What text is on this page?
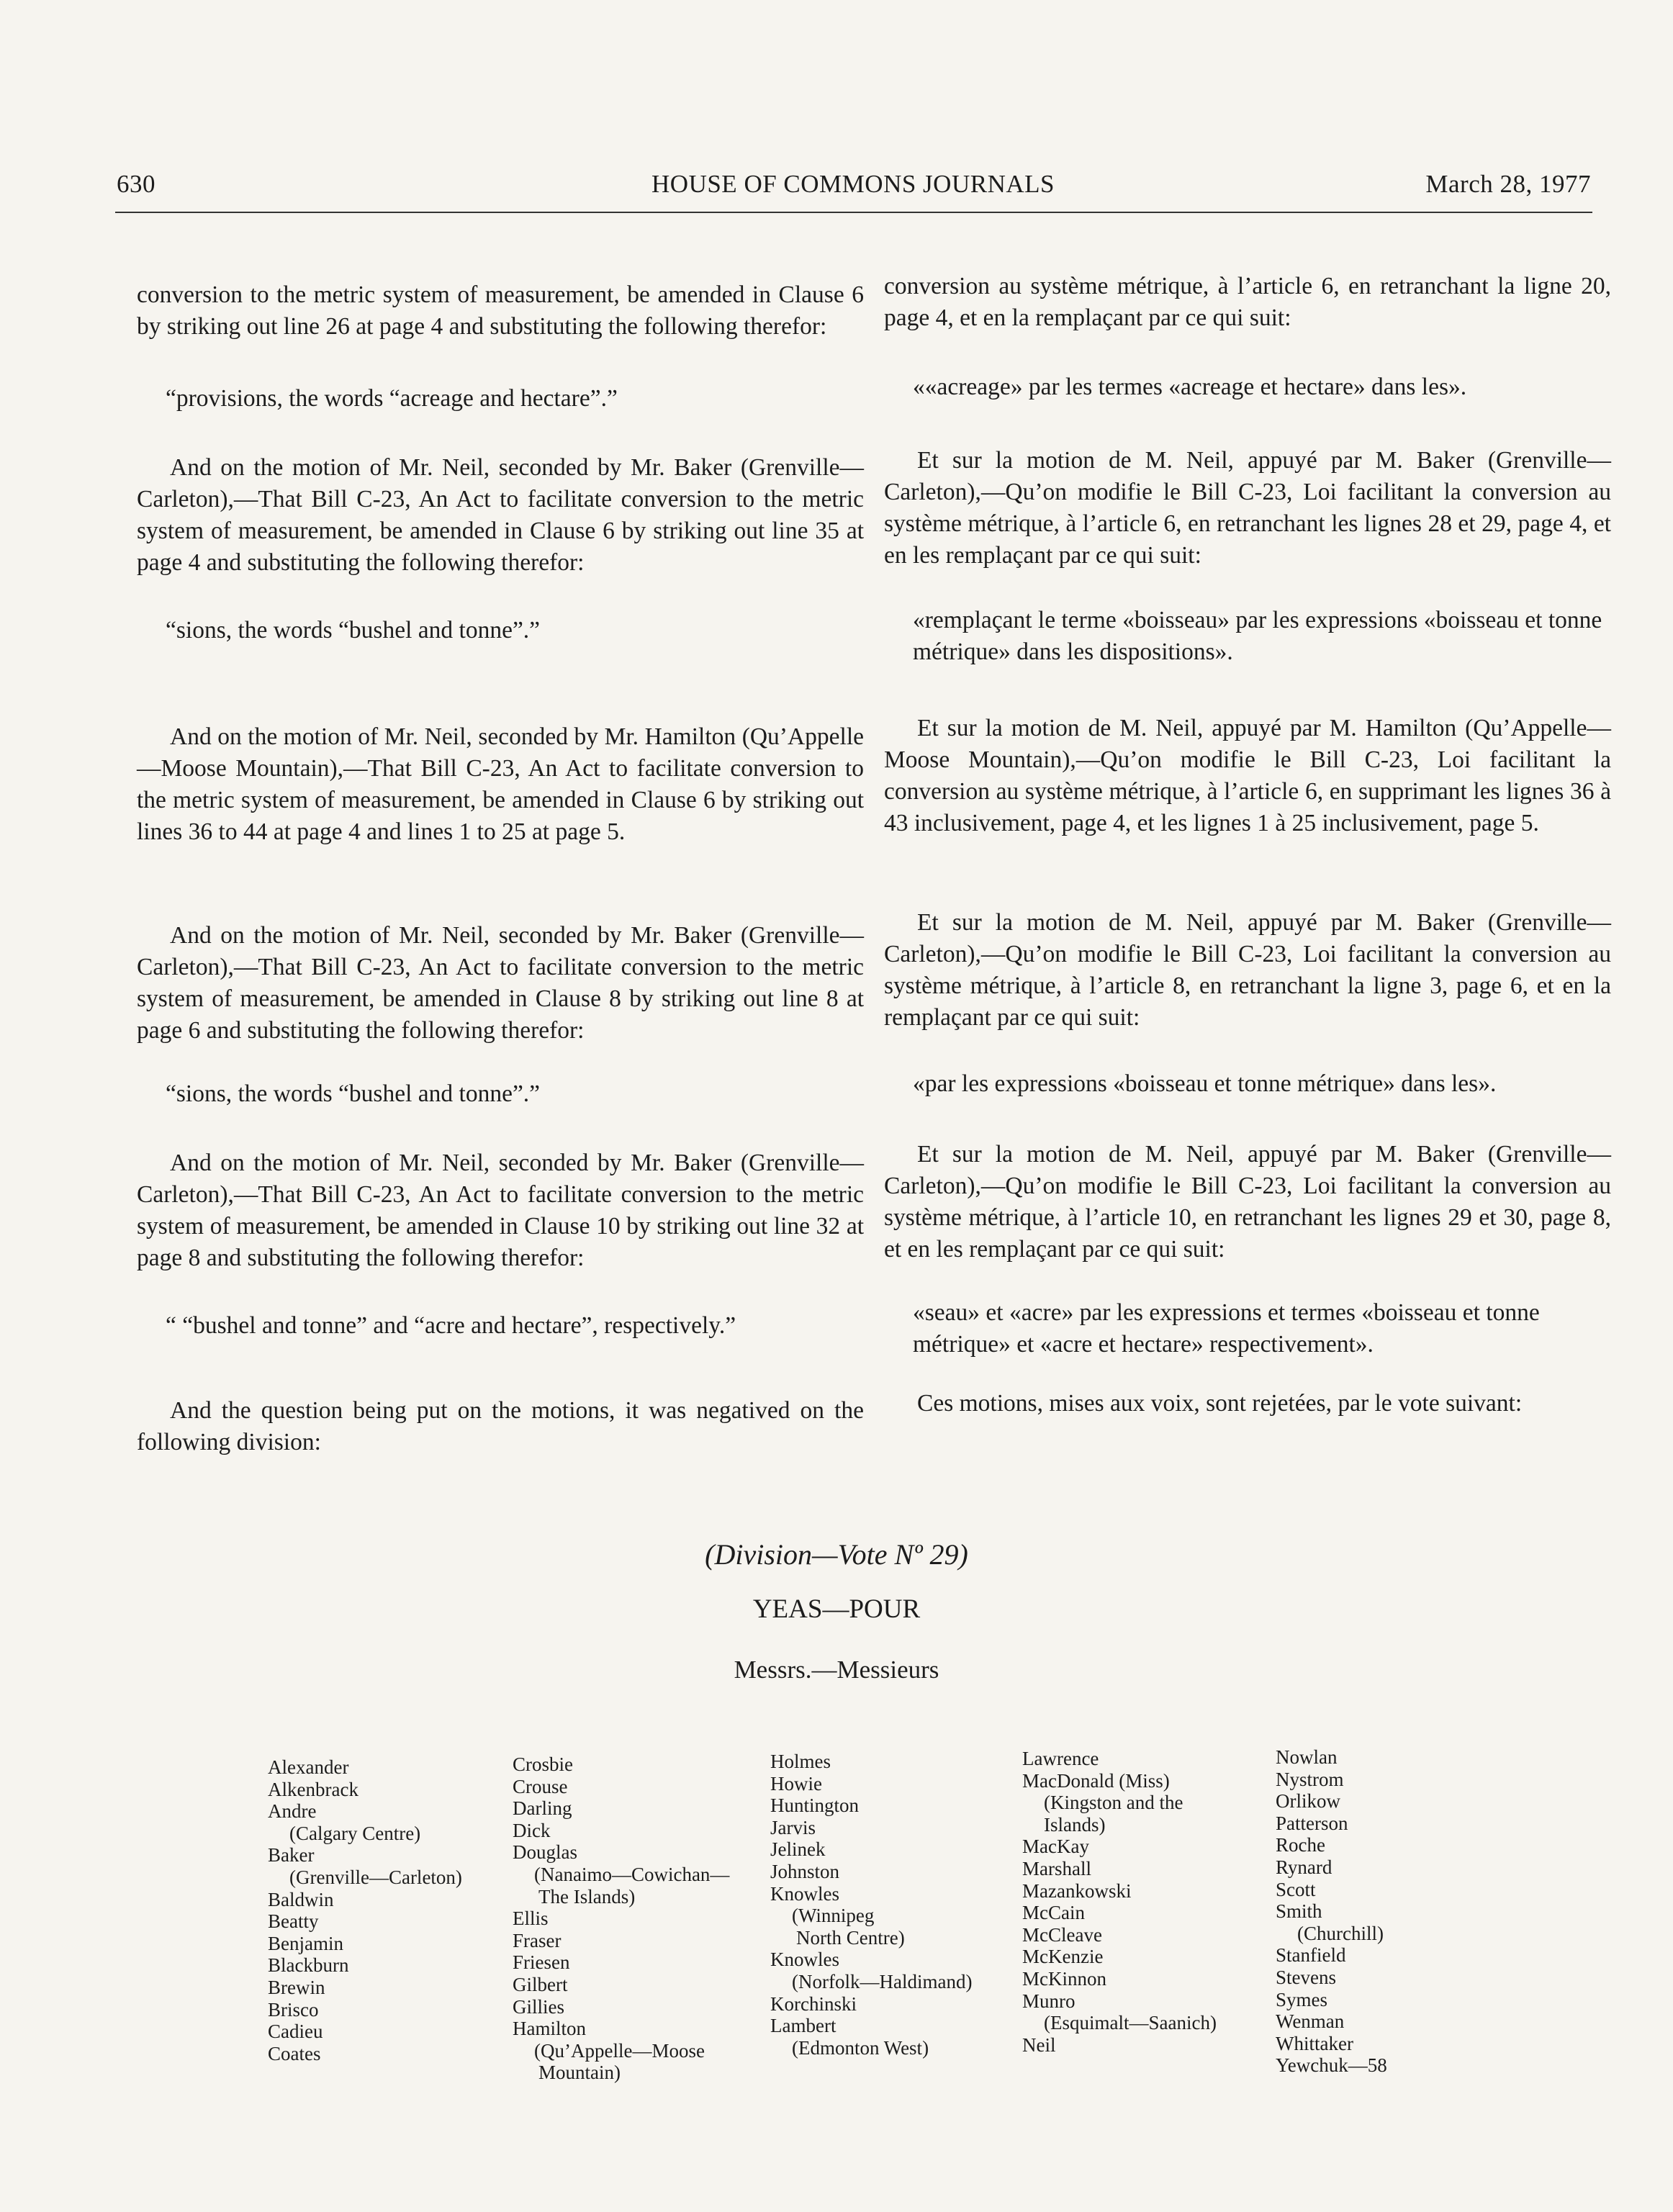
HOUSE OF COMMONS JOURNALS
630	March 28, 1977

conversion to the metric system of measurement, be amended in Clause 6 by striking out line 26 at page 4 and substituting the following therefor:

“provisions, the words “acreage and hectare”.”

And on the motion of Mr. Neil, seconded by Mr. Baker (Grenville—Carleton),—That Bill C-23, An Act to facilitate conversion to the metric system of measurement, be amended in Clause 6 by striking out line 35 at page 4 and substituting the following therefor:

“sions, the words “bushel and tonne”.”

And on the motion of Mr. Neil, seconded by Mr. Hamilton (Qu’Appelle—Moose Mountain),—That Bill C-23, An Act to facilitate conversion to the metric system of measurement, be amended in Clause 6 by striking out lines 36 to 44 at page 4 and lines 1 to 25 at page 5.

And on the motion of Mr. Neil, seconded by Mr. Baker (Grenville—Carleton),—That Bill C-23, An Act to facilitate conversion to the metric system of measurement, be amended in Clause 8 by striking out line 8 at page 6 and substituting the following therefor:

“sions, the words “bushel and tonne”.”

And on the motion of Mr. Neil, seconded by Mr. Baker (Grenville—Carleton),—That Bill C-23, An Act to facilitate conversion to the metric system of measurement, be amended in Clause 10 by striking out line 32 at page 8 and substituting the following therefor:

“ “bushel and tonne” and “acre and hectare”, respectively.”

And the question being put on the motions, it was negatived on the following division:

conversion au système métrique, à l’article 6, en retranchant la ligne 20, page 4, et en la remplaçant par ce qui suit:

««acreage» par les termes «acreage et hectare» dans les».

Et sur la motion de M. Neil, appuyé par M. Baker (Grenville—Carleton),—Qu’on modifie le Bill C-23, Loi facilitant la conversion au système métrique, à l’article 6, en retranchant les lignes 28 et 29, page 4, et en les remplaçant par ce qui suit:

«remplaçant le terme «boisseau» par les expressions «boisseau et tonne métrique» dans les dispositions».

Et sur la motion de M. Neil, appuyé par M. Hamilton (Qu’Appelle—Moose Mountain),—Qu’on modifie le Bill C-23, Loi facilitant la conversion au système métrique, à l’article 6, en supprimant les lignes 36 à 43 inclusivement, page 4, et les lignes 1 à 25 inclusivement, page 5.

Et sur la motion de M. Neil, appuyé par M. Baker (Grenville—Carleton),—Qu’on modifie le Bill C-23, Loi facilitant la conversion au système métrique, à l’article 8, en retranchant la ligne 3, page 6, et en la remplaçant par ce qui suit:

«par les expressions «boisseau et tonne métrique» dans les».

Et sur la motion de M. Neil, appuyé par M. Baker (Grenville—Carleton),—Qu’on modifie le Bill C-23, Loi facilitant la conversion au système métrique, à l’article 10, en retranchant les lignes 29 et 30, page 8, et en les remplaçant par ce qui suit:

«seau» et «acre» par les expressions et termes «boisseau et tonne métrique» et «acre et hectare» respectivement».

Ces motions, mises aux voix, sont rejetées, par le vote suivant:

(Division—Vote Nº 29)
YEAS—POUR
Messrs.—Messieurs
Alexander
Alkenbrack
Andre
(Calgary Centre)
Baker
(Grenville—Carleton)
Baldwin
Beatty
Benjamin
Blackburn
Brewin
Brisco
Cadieu
Coates
Crosbie
Crouse
Darling
Dick
Douglas
(Nanaimo—Cowichan—
The Islands)
Ellis
Fraser
Friesen
Gilbert
Gillies
Hamilton
(Qu’Appelle—Moose
Mountain)
Holmes
Howie
Huntington
Jarvis
Jelinek
Johnston
Knowles
(Winnipeg
North Centre)
Knowles
(Norfolk—Haldimand)
Korchinski
Lambert
(Edmonton West)
Lawrence
MacDonald (Miss)
(Kingston and the
Islands)
MacKay
Marshall
Mazankowski
McCain
McCleave
McKenzie
McKinnon
Munro
(Esquimalt—Saanich)
Neil
Nowlan
Nystrom
Orlikow
Patterson
Roche
Rynard
Scott
Smith
(Churchill)
Stanfield
Stevens
Symes
Wenman
Whittaker
Yewchuk—58
